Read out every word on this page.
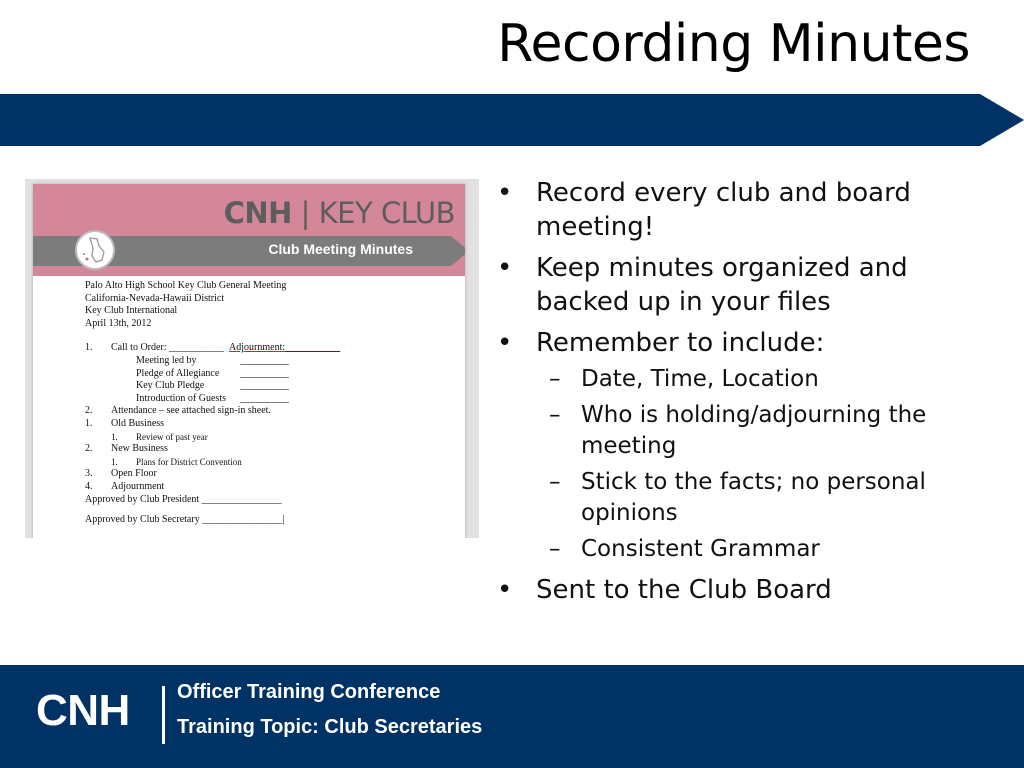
Recording Minutes
CNH | KEY CLUB
Club Meeting Minutes
Palo Alto High School Key Club General Meeting
California-Nevada-Hawaii District
Key Club International
April 13th, 2012
1. Call to Order: ___________ Adjournment:___________
Meeting led by	____________
Pledge of Allegiance ____________
Key Club Pledge	____________
Introduction of Guests ____________
2. Attendance – see attached sign-in sheet.
1. Old Business
1. Review of past year
2. New Business
1. Plans for District Convention
3. Open Floor
4. Adjournment
Approved by Club President ________________
Approved by Club Secretary ________________|
• Record every club and board meeting!
• Keep minutes organized and backed up in your files
• Remember to include:
– Date, Time, Location
– Who is holding/adjourning the meeting
– Stick to the facts; no personal opinions
– Consistent Grammar
• Sent to the Club Board
CNH Officer Training Conference
Training Topic: Club Secretaries
